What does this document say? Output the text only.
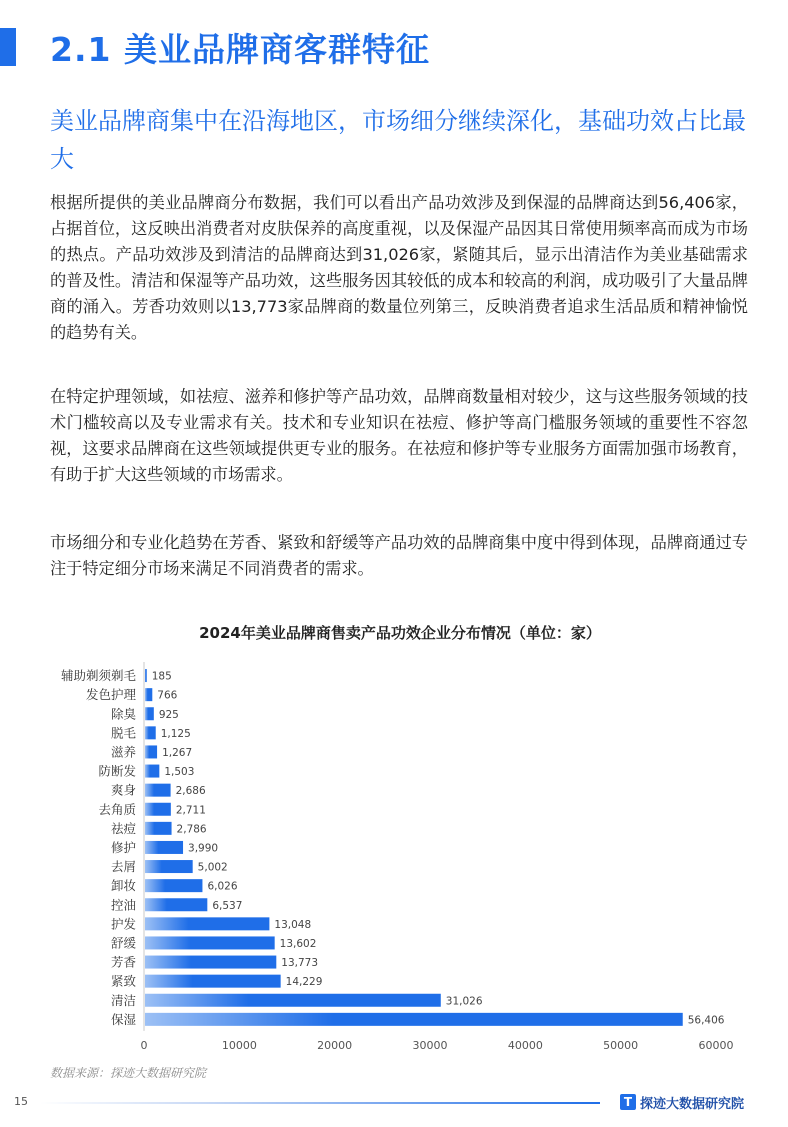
2.1 美业品牌商客群特征
美业品牌商集中在沿海地区，市场细分继续深化，基础功效占比最大

根据所提供的美业品牌商分布数据，我们可以看出产品功效涉及到保湿的品牌商达到56,406家，占据首位，这反映出消费者对皮肤保养的高度重视，以及保湿产品因其日常使用频率高而成为市场的热点。产品功效涉及到清洁的品牌商达到31,026家，紧随其后，显示出清洁作为美业基础需求的普及性。清洁和保湿等产品功效，这些服务因其较低的成本和较高的利润，成功吸引了大量品牌商的涌入。芳香功效则以13,773家品牌商的数量位列第三，反映消费者追求生活品质和精神愉悦的趋势有关。

在特定护理领域，如祛痘、滋养和修护等产品功效，品牌商数量相对较少，这与这些服务领域的技术门槛较高以及专业需求有关。技术和专业知识在祛痘、修护等高门槛服务领域的重要性不容忽视，这要求品牌商在这些领域提供更专业的服务。在祛痘和修护等专业服务方面需加强市场教育，有助于扩大这些领域的市场需求。

市场细分和专业化趋势在芳香、紧致和舒缓等产品功效的品牌商集中度中得到体现，品牌商通过专注于特定细分市场来满足不同消费者的需求。

2024年美业品牌商售卖产品功效企业分布情况（单位：家）
辅助剃须剃毛 185
发色护理 766
除臭 925
脱毛 1,125
滋养 1,267
防断发	1,503
爽身	2,686
去角质	2,711
祛痘	2,786
修护	3,990
去屑	5,002
卸妆	6,026
控油	6,537
护发	13,048
舒缓	13,602
芳香	13,773
紧致	14,229
清洁	31,026
保湿	56,406
0	10000	20000	30000	40000	50000	60000
数据来源：探迹大数据研究院
15	T 探迹大数据研究院
